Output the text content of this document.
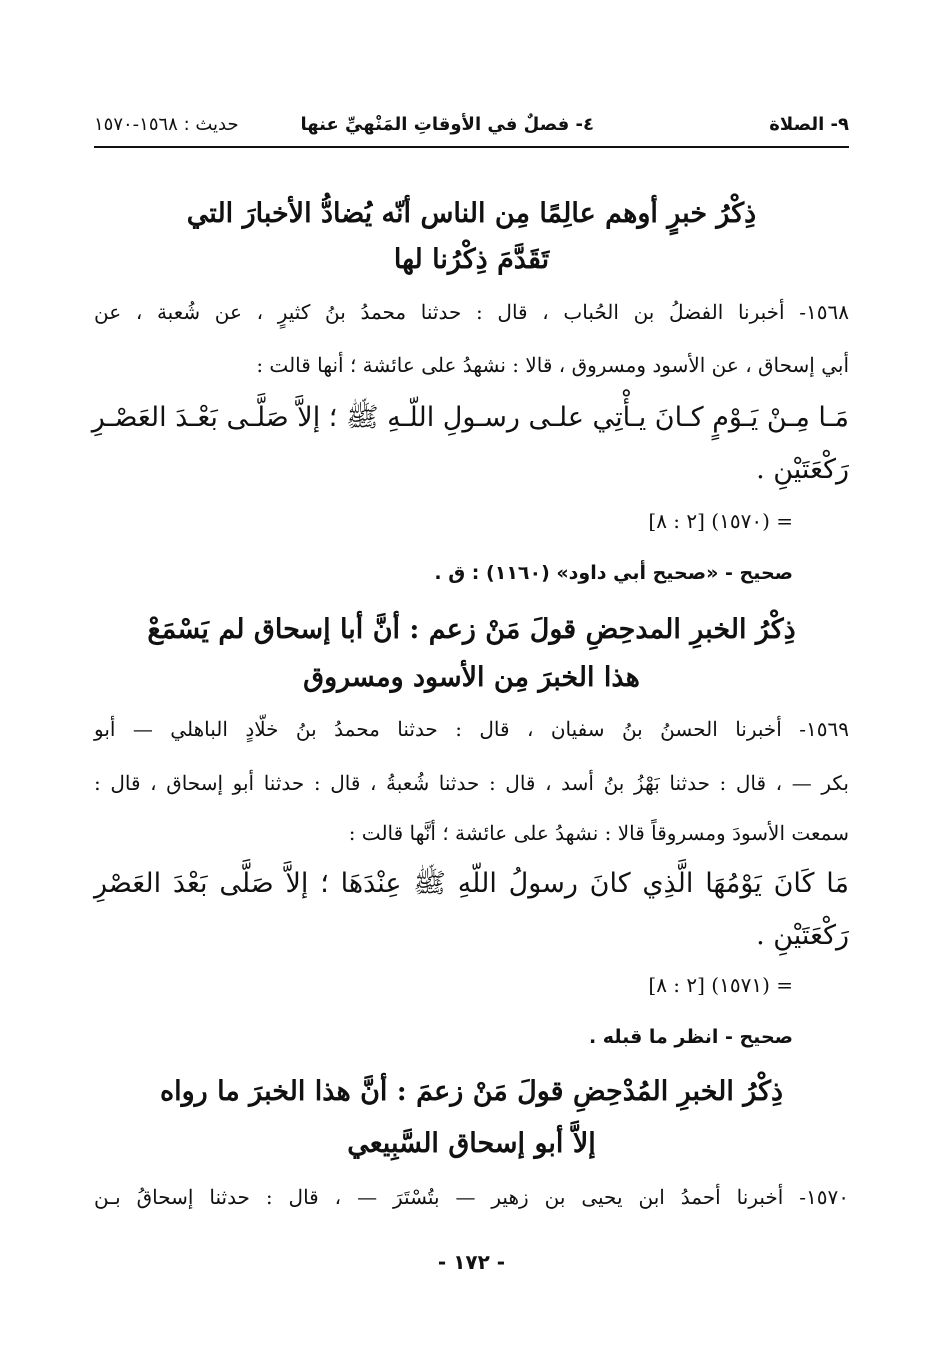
٩- الصلاة
٤- فصلٌ في الأوقاتِ المَنْهيِّ عنها
حديث : ١٥٦٨-١٥٧٠
ذِكْرُ خبرٍ أوهم عالِمًا مِن الناس أنّه يُضادُّ الأخبارَ التي
تَقَدَّمَ ذِكْرُنا لها
١٥٦٨- أخبرنا الفضلُ بن الحُباب ، قال : حدثنا محمدُ بنُ كثيرٍ ، عن شُعبة ، عن
أبي إسحاق ، عن الأسود ومسروق ، قالا : نشهدُ على عائشة ؛ أنها قالت :
مَـا مِـنْ يَـوْمٍ كـانَ يـأْتِي علـى رسـولِ اللّـهِ ﷺ ؛ إلاَّ صَلَّـى بَعْـدَ العَصْـرِ
رَكْعَتَيْنِ .
= (١٥٧٠) [٢ : ٨]
صحيح - «صحيح أبي داود» (١١٦٠) : ق .
ذِكْرُ الخبرِ المدحِضِ قولَ مَنْ زعم : أنَّ أبا إسحاق لم يَسْمَعْ
هذا الخبرَ مِن الأسود ومسروق
١٥٦٩- أخبرنا الحسنُ بنُ سفيان ، قال : حدثنا محمدُ بنُ خلّادٍ الباهلي — أبو
بكر — ، قال : حدثنا بَهْزُ بنُ أسد ، قال : حدثنا شُعبةُ ، قال : حدثنا أبو إسحاق ، قال :
سمعت الأسودَ ومسروقاً قالا : نشهدُ على عائشة ؛ أنَّها قالت :
مَا كَانَ يَوْمُهَا الَّذِي كانَ رسولُ اللّهِ ﷺ عِنْدَهَا ؛ إلاَّ صَلَّى بَعْدَ العَصْرِ
رَكْعَتَيْنِ .
= (١٥٧١) [٢ : ٨]
صحيح - انظر ما قبله .
ذِكْرُ الخبرِ المُدْحِضِ قولَ مَنْ زعمَ : أنَّ هذا الخبرَ ما رواه
إلاَّ أبو إسحاق السَّبِيعي
١٥٧٠- أخبرنا أحمدُ ابن يحيى بن زهير — بتُسْتَرَ — ، قال : حدثنا إسحاقُ بـن
- ١٧٢ -
